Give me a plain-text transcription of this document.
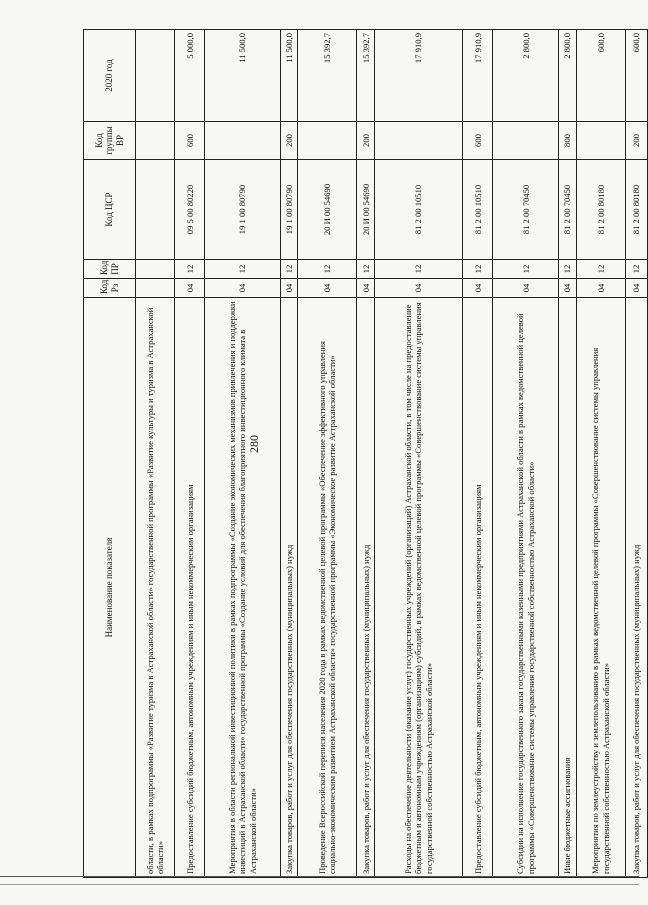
280
Наименование показателя	Код Рз	Код ПР	Код ЦСР	Код группы ВР	2020 год
области, в рамках подпрограммы «Развитие туризма в Астраханской области» государственной программы «Развитие культуры и туризма в Астраханской области»					
Предоставление субсидий бюджетным, автономным учреждениям и иным некоммерческим организациям	04	12	09 5 00 80220	600	5 000,0
Мероприятия в области региональной инвестиционной политики в рамках подпрограммы «Создание экономических механизмов привлечения и поддержки инвестиций в Астраханской области» государственной программы «Создание условий для обеспечения благоприятного инвестиционного климата в Астраханской области»	04	12	19 1 00 80790		11 500,0
Закупка товаров, работ и услуг для обеспечения государственных (муниципальных) нужд	04	12	19 1 00 80790	200	11 500,0
Проведение Всероссийской переписи населения 2020 года в рамках ведомственной целевой программы «Обеспечение эффективного управления социально-экономическим развитием Астраханской области» государственной программы «Экономическое развитие Астраханской области»	04	12	20 И 00 54690		15 392,7
Закупка товаров, работ и услуг для обеспечения государственных (муниципальных) нужд	04	12	20 И 00 54690	200	15 392,7
Расходы на обеспечение деятельности (оказание услуг) государственных учреждений (организаций) Астраханской области, в том числе на предоставление бюджетным и автономным учреждениям (организациям) субсидий, в рамках ведомственной целевой программы «Совершенствование системы управления государственной собственностью Астраханской области»	04	12	81 2 00 10510		17 910,9
Предоставление субсидий бюджетным, автономным учреждениям и иным некоммерческим организациям	04	12	81 2 00 10510	600	17 910,9
Субсидии на исполнение государственного заказа государственными казенными предприятиями Астраханской области в рамках ведомственной целевой программы «Совершенствование системы управления государственной собственностью Астраханской области»	04	12	81 2 00 70450		2 800,0
Иные бюджетные ассигнования	04	12	81 2 00 70450	800	2 800,0
Мероприятия по землеустройству и землепользованию в рамках ведомственной целевой программы «Совершенствование системы управления государственной собственностью Астраханской области»	04	12	81 2 00 80180		600,0
Закупка товаров, работ и услуг для обеспечения государственных (муниципальных) нужд	04	12	81 2 00 80180	200	600,0
